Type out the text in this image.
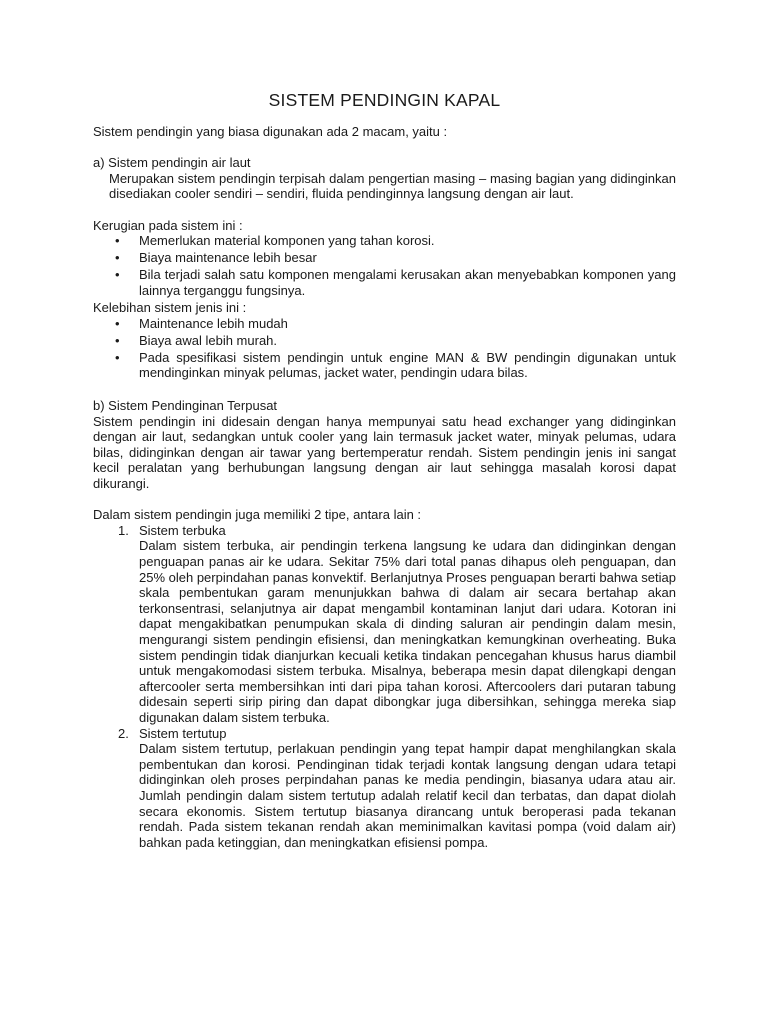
SISTEM PENDINGIN KAPAL

Sistem pendingin yang biasa digunakan ada 2 macam, yaitu :

a) Sistem pendingin air laut

Merupakan sistem pendingin terpisah dalam pengertian masing – masing bagian yang didinginkan disediakan cooler sendiri – sendiri, fluida pendinginnya langsung dengan air laut.

Kerugian pada sistem ini :

•	Memerlukan material komponen yang tahan korosi.
•	Biaya maintenance lebih besar
•	Bila terjadi salah satu komponen mengalami kerusakan akan menyebabkan komponen yang lainnya terganggu fungsinya.

Kelebihan sistem jenis ini :

•	Maintenance lebih mudah
•	Biaya awal lebih murah.
•	Pada spesifikasi sistem pendingin untuk engine MAN & BW pendingin digunakan untuk mendinginkan minyak pelumas, jacket water, pendingin udara bilas.

b) Sistem Pendinginan Terpusat

Sistem pendingin ini didesain dengan hanya mempunyai satu head exchanger yang didinginkan dengan air laut, sedangkan untuk cooler yang lain termasuk jacket water, minyak pelumas, udara bilas, didinginkan dengan air tawar yang bertemperatur rendah. Sistem pendingin jenis ini sangat kecil peralatan yang berhubungan langsung dengan air laut sehingga masalah korosi dapat dikurangi.

Dalam sistem pendingin juga memiliki 2 tipe, antara lain :

1. Sistem terbuka

Dalam sistem terbuka, air pendingin terkena langsung ke udara dan didinginkan dengan penguapan panas air ke udara. Sekitar 75% dari total panas dihapus oleh penguapan, dan 25% oleh perpindahan panas konvektif. Berlanjutnya Proses penguapan berarti bahwa setiap skala pembentukan garam menunjukkan bahwa di dalam air secara bertahap akan terkonsentrasi, selanjutnya air dapat mengambil kontaminan lanjut dari udara. Kotoran ini dapat mengakibatkan penumpukan skala di dinding saluran air pendingin dalam mesin, mengurangi sistem pendingin efisiensi, dan meningkatkan kemungkinan overheating. Buka sistem pendingin tidak dianjurkan kecuali ketika tindakan pencegahan khusus harus diambil untuk mengakomodasi sistem terbuka. Misalnya, beberapa mesin dapat dilengkapi dengan aftercooler serta membersihkan inti dari pipa tahan korosi. Aftercoolers dari putaran tabung didesain seperti sirip piring dan dapat dibongkar juga dibersihkan, sehingga mereka siap digunakan dalam sistem terbuka.

2. Sistem tertutup

Dalam sistem tertutup, perlakuan pendingin yang tepat hampir dapat menghilangkan skala pembentukan dan korosi. Pendinginan tidak terjadi kontak langsung dengan udara tetapi didinginkan oleh proses perpindahan panas ke media pendingin, biasanya udara atau air. Jumlah pendingin dalam sistem tertutup adalah relatif kecil dan terbatas, dan dapat diolah secara ekonomis. Sistem tertutup biasanya dirancang untuk beroperasi pada tekanan rendah. Pada sistem tekanan rendah akan meminimalkan kavitasi pompa (void dalam air) bahkan pada ketinggian, dan meningkatkan efisiensi pompa.
